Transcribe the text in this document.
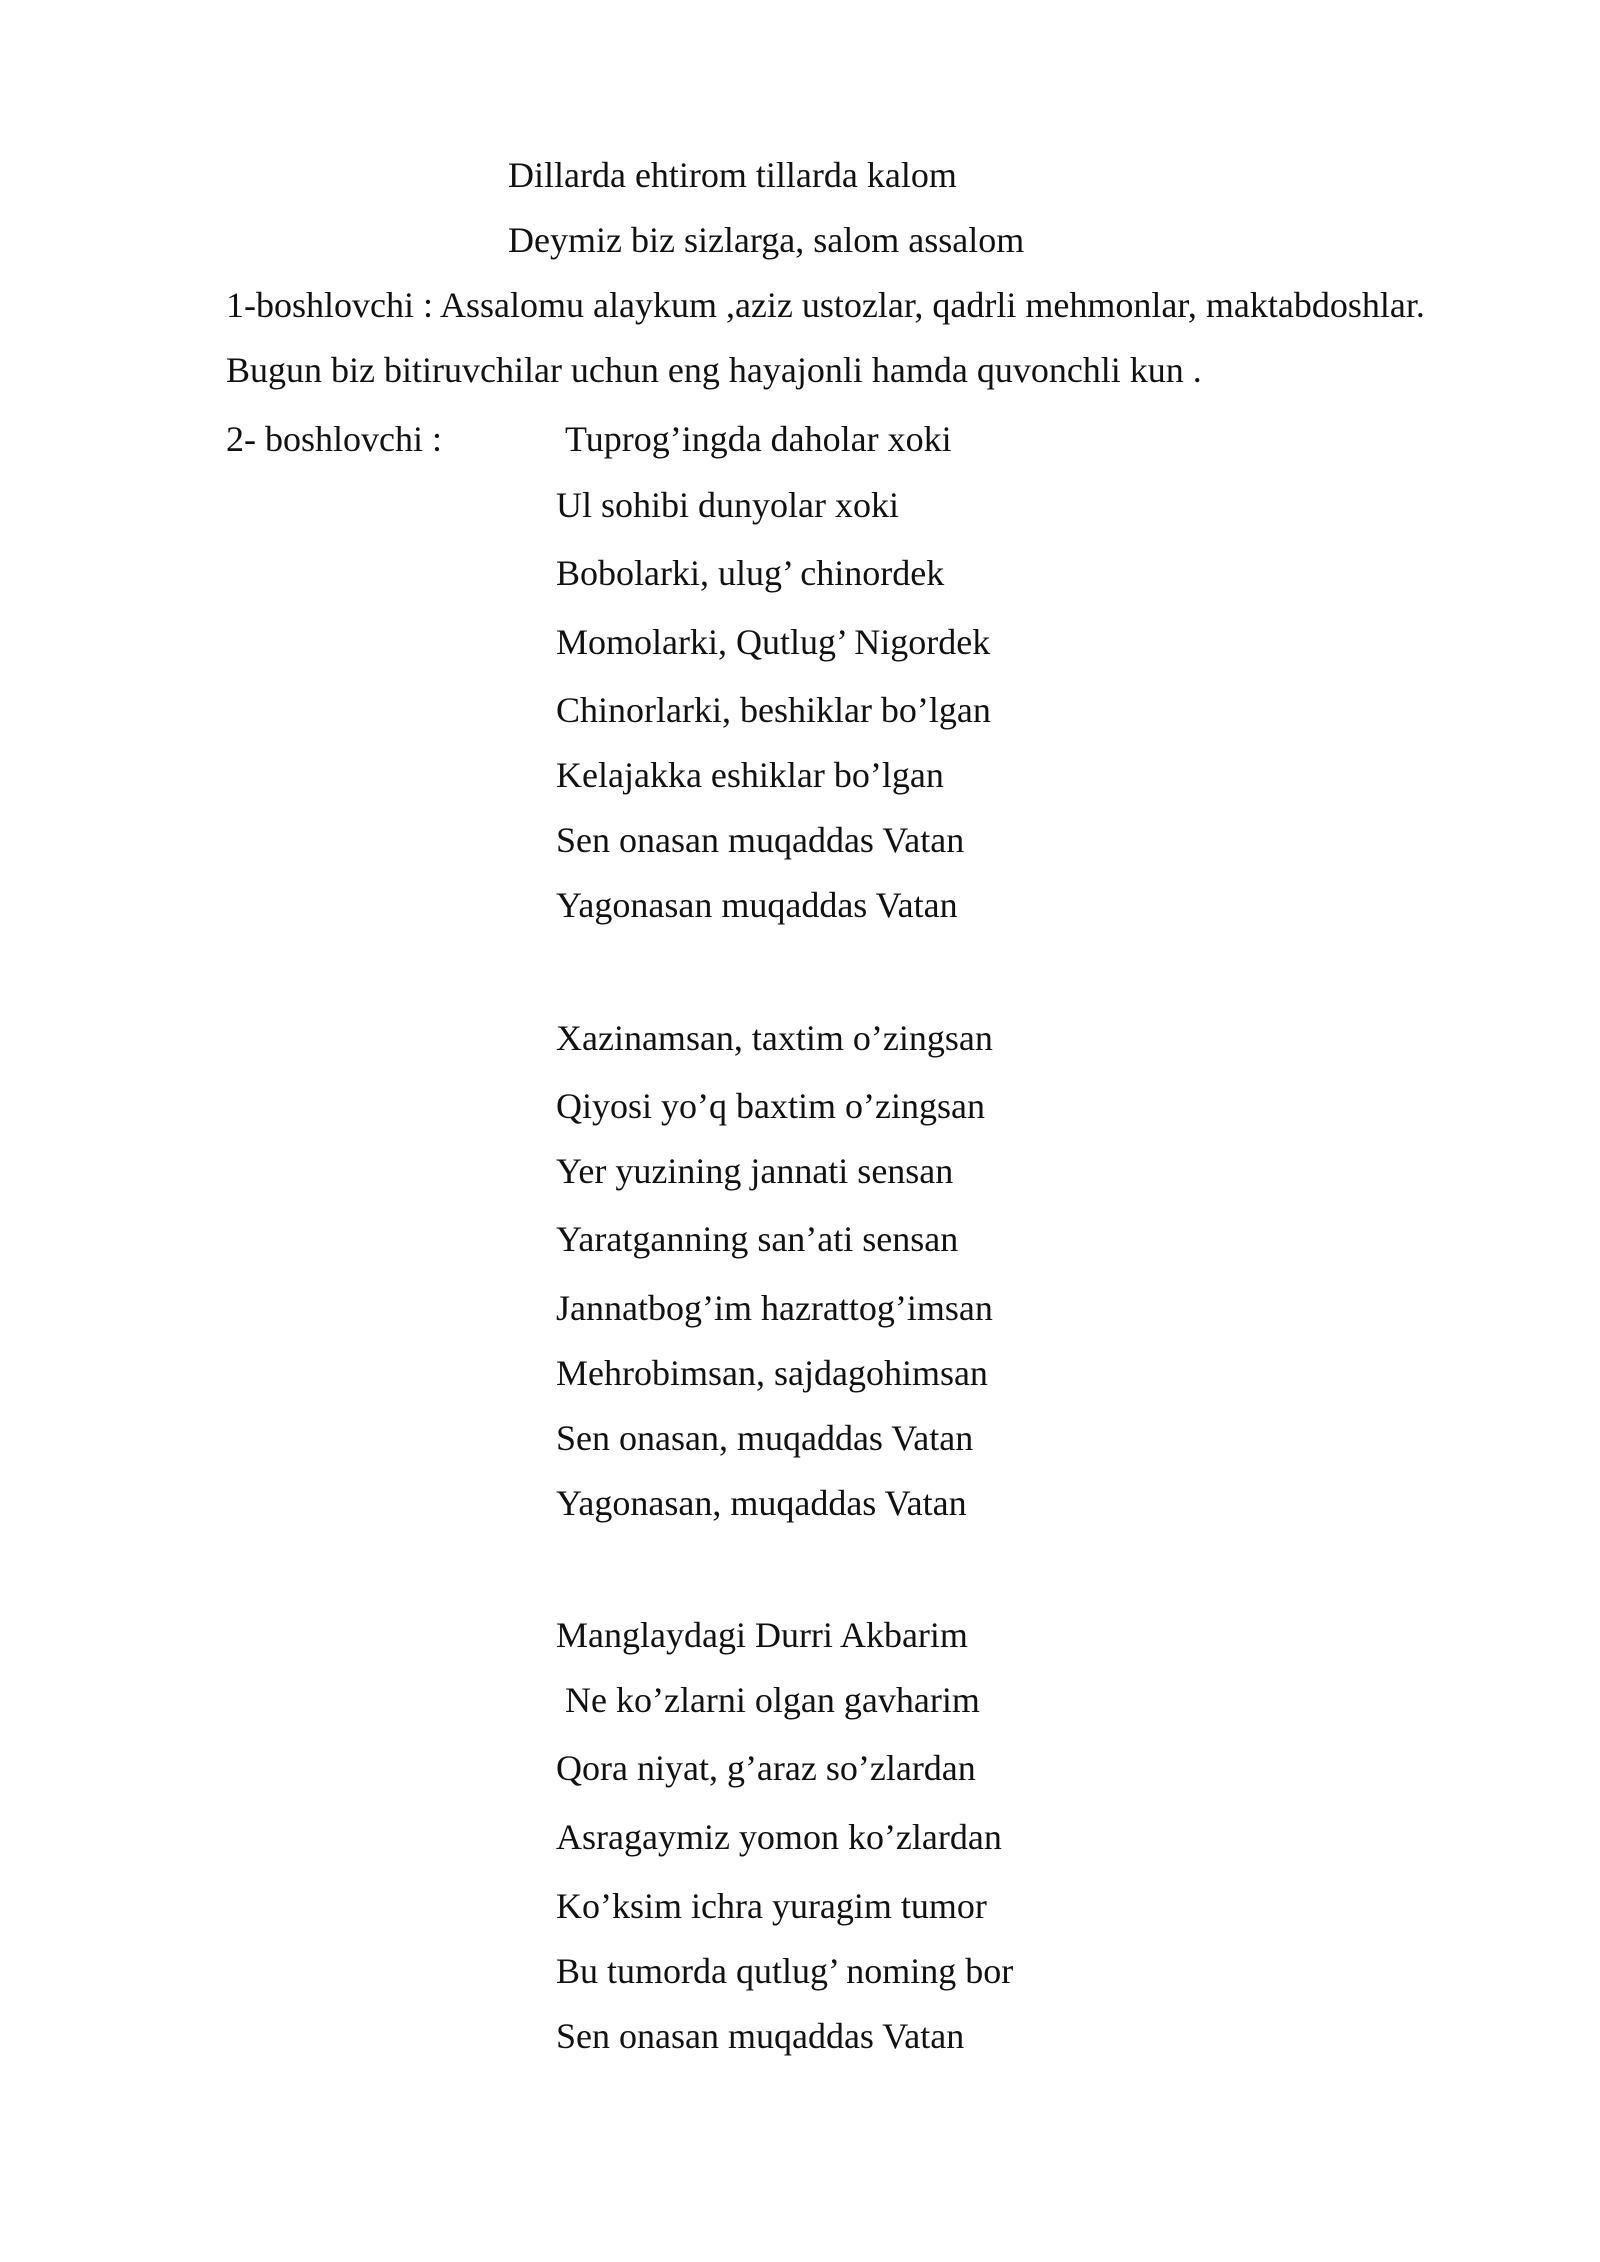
Dillarda ehtirom tillarda kalom
Deymiz biz sizlarga, salom assalom
1-boshlovchi : Assalomu alaykum ,aziz ustozlar, qadrli mehmonlar, maktabdoshlar.
Bugun biz bitiruvchilar uchun eng hayajonli hamda quvonchli kun .
2- boshlovchi :	Tuprog’ingda daholar xoki
Ul sohibi dunyolar xoki
Bobolarki, ulug’ chinordek
Momolarki, Qutlug’ Nigordek
Chinorlarki, beshiklar bo’lgan
Kelajakka eshiklar bo’lgan
Sen onasan muqaddas Vatan
Yagonasan muqaddas Vatan
Xazinamsan, taxtim o’zingsan
Qiyosi yo’q baxtim o’zingsan
Yer yuzining jannati sensan
Yaratganning san’ati sensan
Jannatbog’im hazrattog’imsan
Mehrobimsan, sajdagohimsan
Sen onasan, muqaddas Vatan
Yagonasan, muqaddas Vatan
Manglaydagi Durri Akbarim
Ne ko’zlarni olgan gavharim
Qora niyat, g’araz so’zlardan
Asragaymiz yomon ko’zlardan
Ko’ksim ichra yuragim tumor
Bu tumorda qutlug’ noming bor
Sen onasan muqaddas Vatan
